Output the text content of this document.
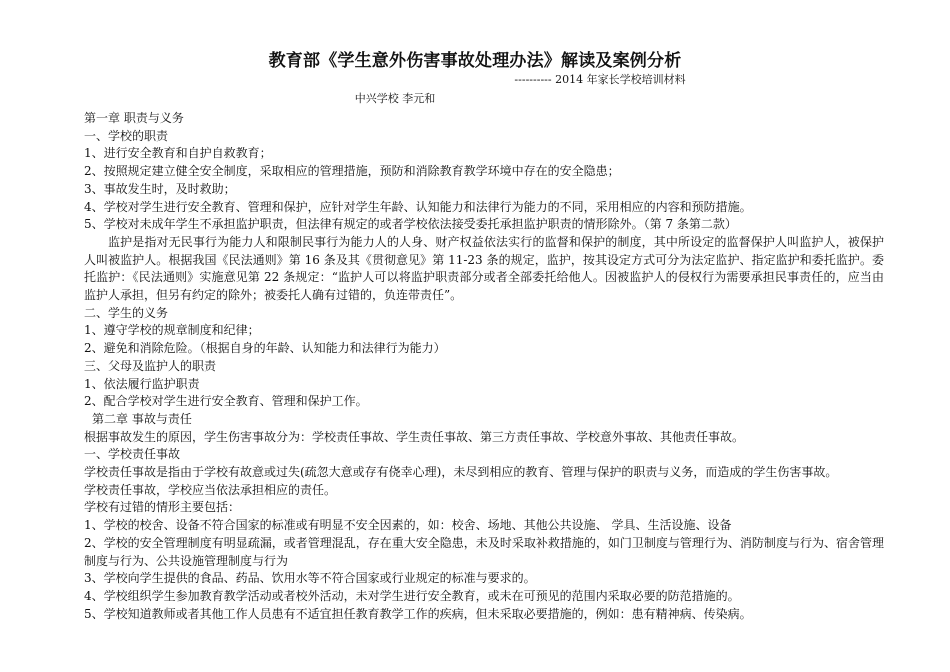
教育部《学生意外伤害事故处理办法》解读及案例分析
---------- 2014 年家长学校培训材料
中兴学校 李元和
第一章 职责与义务
一、学校的职责
1、进行安全教育和自护自救教育；
2、按照规定建立健全安全制度，采取相应的管理措施，预防和消除教育教学环境中存在的安全隐患；
3、事故发生时，及时救助；
4、学校对学生进行安全教育、管理和保护，应针对学生年龄、认知能力和法律行为能力的不同，采用相应的内容和预防措施。
5、学校对未成年学生不承担监护职责，但法律有规定的或者学校依法接受委托承担监护职责的情形除外。（第 7 条第二款）
监护是指对无民事行为能力人和限制民事行为能力人的人身、财产权益依法实行的监督和保护的制度，其中所设定的监督保护人叫监护人，被保护人叫被监护人。根据我国《民法通则》第 16 条及其《贯彻意见》第 11-23 条的规定，监护，按其设定方式可分为法定监护、指定监护和委托监护。委托监护：《民法通则》实施意见第 22 条规定：“监护人可以将监护职责部分或者全部委托给他人。因被监护人的侵权行为需要承担民事责任的，应当由监护人承担，但另有约定的除外；被委托人确有过错的，负连带责任”。
二、学生的义务
1、遵守学校的规章制度和纪律；
2、避免和消除危险。（根据自身的年龄、认知能力和法律行为能力）
三、父母及监护人的职责
1、依法履行监护职责
2、配合学校对学生进行安全教育、管理和保护工作。
第二章 事故与责任
根据事故发生的原因，学生伤害事故分为：学校责任事故、学生责任事故、第三方责任事故、学校意外事故、其他责任事故。
一、学校责任事故
学校责任事故是指由于学校有故意或过失(疏忽大意或存有侥幸心理)，未尽到相应的教育、管理与保护的职责与义务，而造成的学生伤害事故。
学校责任事故，学校应当依法承担相应的责任。
学校有过错的情形主要包括：
1、学校的校舍、设备不符合国家的标准或有明显不安全因素的，如：校舍、场地、其他公共设施、 学具、生活设施、设备
2、学校的安全管理制度有明显疏漏，或者管理混乱，存在重大安全隐患，未及时采取补救措施的，如门卫制度与管理行为、消防制度与行为、宿舍管理制度与行为、公共设施管理制度与行为
3、学校向学生提供的食品、药品、饮用水等不符合国家或行业规定的标准与要求的。
4、学校组织学生参加教育教学活动或者校外活动，未对学生进行安全教育，或未在可预见的范围内采取必要的防范措施的。
5、学校知道教师或者其他工作人员患有不适宜担任教育教学工作的疾病，但未采取必要措施的，例如：患有精神病、传染病。
